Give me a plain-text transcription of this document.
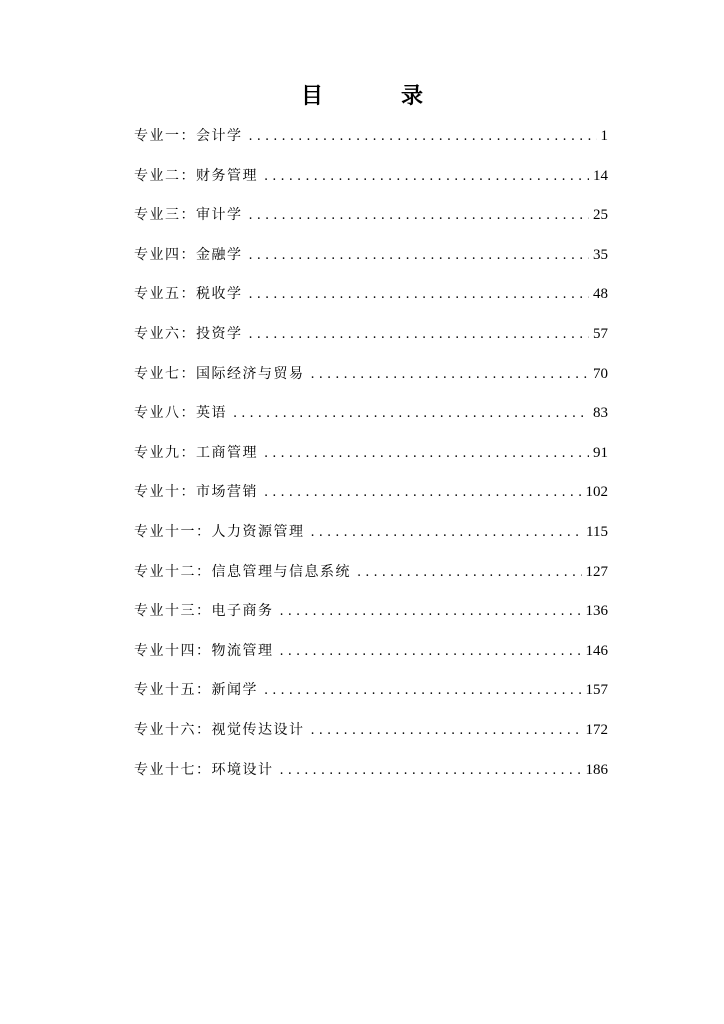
目　录
专业一：会计学 . . .	1
专业二：财务管理 . . .	14
专业三：审计学 . . .	25
专业四：金融学 . . .	35
专业五：税收学 . . .	48
专业六：投资学 . . .	57
专业七：国际经济与贸易 . . .	70
专业八：英语 . . .	83
专业九：工商管理 . . .	91
专业十：市场营销 . . .	102
专业十一：人力资源管理 . . .	115
专业十二：信息管理与信息系统 . . .	127
专业十三：电子商务 . . .	136
专业十四：物流管理 . . .	146
专业十五：新闻学 . . .	157
专业十六：视觉传达设计 . . .	172
专业十七：环境设计 . . .	186
